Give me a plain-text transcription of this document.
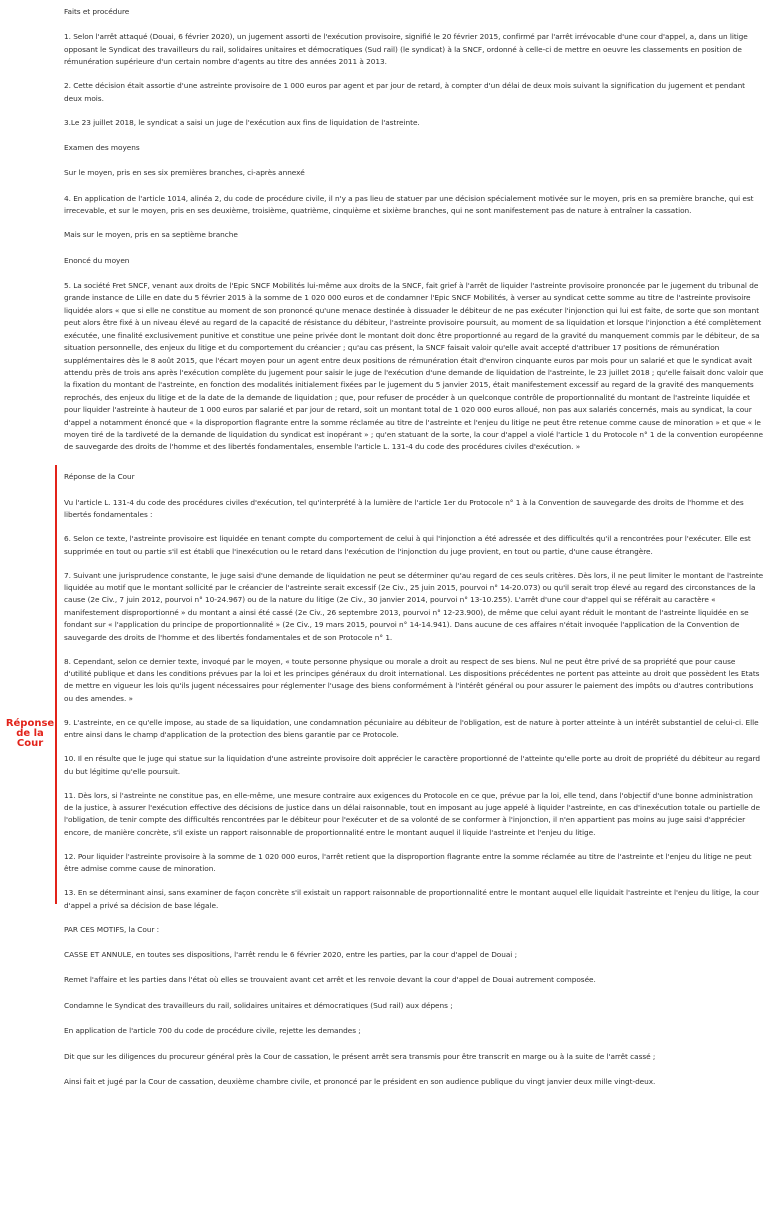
Réponse de la Cour

Faits et procédure

1. Selon l'arrêt attaqué (Douai, 6 février 2020), un jugement assorti de l'exécution provisoire, signifié le 20 février 2015, confirmé par l'arrêt irrévocable d'une cour d'appel, a, dans un litige opposant le Syndicat des travailleurs du rail, solidaires unitaires et démocratiques (Sud rail) (le syndicat) à la SNCF, ordonné à celle-ci de mettre en oeuvre les classements en position de rémunération supérieure d'un certain nombre d'agents au titre des années 2011 à 2013.

2. Cette décision était assortie d'une astreinte provisoire de 1 000 euros par agent et par jour de retard, à compter d'un délai de deux mois suivant la signification du jugement et pendant deux mois.

3.Le 23 juillet 2018, le syndicat a saisi un juge de l'exécution aux fins de liquidation de l'astreinte.

Examen des moyens

Sur le moyen, pris en ses six premières branches, ci-après annexé

4. En application de l'article 1014, alinéa 2, du code de procédure civile, il n'y a pas lieu de statuer par une décision spécialement motivée sur le moyen, pris en sa première branche, qui est irrecevable, et sur le moyen, pris en ses deuxième, troisième, quatrième, cinquième et sixième branches, qui ne sont manifestement pas de nature à entraîner la cassation.

Mais sur le moyen, pris en sa septième branche

Enoncé du moyen

5. La société Fret SNCF, venant aux droits de l'Epic SNCF Mobilités lui-même aux droits de la SNCF, fait grief à l'arrêt de liquider l'astreinte provisoire prononcée par le jugement du tribunal de grande instance de Lille en date du 5 février 2015 à la somme de 1 020 000 euros et de condamner l'Epic SNCF Mobilités, à verser au syndicat cette somme au titre de l'astreinte provisoire liquidée alors « que si elle ne constitue au moment de son prononcé qu'une menace destinée à dissuader le débiteur de ne pas exécuter l'injonction qui lui est faite, de sorte que son montant peut alors être fixé à un niveau élevé au regard de la capacité de résistance du débiteur, l'astreinte provisoire poursuit, au moment de sa liquidation et lorsque l'injonction a été complètement exécutée, une finalité exclusivement punitive et constitue une peine privée dont le montant doit donc être proportionné au regard de la gravité du manquement commis par le débiteur, de sa situation personnelle, des enjeux du litige et du comportement du créancier ; qu'au cas présent, la SNCF faisait valoir qu'elle avait accepté d'attribuer 17 positions de rémunération supplémentaires dès le 8 août 2015, que l'écart moyen pour un agent entre deux positions de rémunération était d'environ cinquante euros par mois pour un salarié et que le syndicat avait attendu près de trois ans après l'exécution complète du jugement pour saisir le juge de l'exécution d'une demande de liquidation de l'astreinte, le 23 juillet 2018 ; qu'elle faisait donc valoir que la fixation du montant de l'astreinte, en fonction des modalités initialement fixées par le jugement du 5 janvier 2015, était manifestement excessif au regard de la gravité des manquements reprochés, des enjeux du litige et de la date de la demande de liquidation ; que, pour refuser de procéder à un quelconque contrôle de proportionnalité du montant de l'astreinte liquidée et pour liquider l'astreinte à hauteur de 1 000 euros par salarié et par jour de retard, soit un montant total de 1 020 000 euros alloué, non pas aux salariés concernés, mais au syndicat, la cour d'appel a notamment énoncé que « la disproportion flagrante entre la somme réclamée au titre de l'astreinte et l'enjeu du litige ne peut être retenue comme cause de minoration » et que « le moyen tiré de la tardiveté de la demande de liquidation du syndicat est inopérant » ; qu'en statuant de la sorte, la cour d'appel a violé l'article 1 du Protocole n° 1 de la convention européenne de sauvegarde des droits de l'homme et des libertés fondamentales, ensemble l'article L. 131-4 du code des procédures civiles d'exécution. »

Réponse de la Cour

Vu l'article L. 131-4 du code des procédures civiles d'exécution, tel qu'interprété à la lumière de l'article 1er du Protocole n° 1 à la Convention de sauvegarde des droits de l'homme et des libertés fondamentales :

6. Selon ce texte, l'astreinte provisoire est liquidée en tenant compte du comportement de celui à qui l'injonction a été adressée et des difficultés qu'il a rencontrées pour l'exécuter. Elle est supprimée en tout ou partie s'il est établi que l'inexécution ou le retard dans l'exécution de l'injonction du juge provient, en tout ou partie, d'une cause étrangère.

7. Suivant une jurisprudence constante, le juge saisi d'une demande de liquidation ne peut se déterminer qu'au regard de ces seuls critères. Dès lors, il ne peut limiter le montant de l'astreinte liquidée au motif que le montant sollicité par le créancier de l'astreinte serait excessif (2e Civ., 25 juin 2015, pourvoi n° 14-20.073) ou qu'il serait trop élevé au regard des circonstances de la cause (2e Civ., 7 juin 2012, pourvoi n° 10-24.967) ou de la nature du litige (2e Civ., 30 janvier 2014, pourvoi n° 13-10.255). L'arrêt d'une cour d'appel qui se référait au caractère « manifestement disproportionné » du montant a ainsi été cassé (2e Civ., 26 septembre 2013, pourvoi n° 12-23.900), de même que celui ayant réduit le montant de l'astreinte liquidée en se fondant sur « l'application du principe de proportionnalité » (2e Civ., 19 mars 2015, pourvoi n° 14-14.941). Dans aucune de ces affaires n'était invoquée l'application de la Convention de sauvegarde des droits de l'homme et des libertés fondamentales et de son Protocole n° 1.

8. Cependant, selon ce dernier texte, invoqué par le moyen, « toute personne physique ou morale a droit au respect de ses biens. Nul ne peut être privé de sa propriété que pour cause d'utilité publique et dans les conditions prévues par la loi et les principes généraux du droit international. Les dispositions précédentes ne portent pas atteinte au droit que possèdent les Etats de mettre en vigueur les lois qu'ils jugent nécessaires pour réglementer l'usage des biens conformément à l'intérêt général ou pour assurer le paiement des impôts ou d'autres contributions ou des amendes. »

9. L'astreinte, en ce qu'elle impose, au stade de sa liquidation, une condamnation pécuniaire au débiteur de l'obligation, est de nature à porter atteinte à un intérêt substantiel de celui-ci. Elle entre ainsi dans le champ d'application de la protection des biens garantie par ce Protocole.

10. Il en résulte que le juge qui statue sur la liquidation d'une astreinte provisoire doit apprécier le caractère proportionné de l'atteinte qu'elle porte au droit de propriété du débiteur au regard du but légitime qu'elle poursuit.

11. Dès lors, si l'astreinte ne constitue pas, en elle-même, une mesure contraire aux exigences du Protocole en ce que, prévue par la loi, elle tend, dans l'objectif d'une bonne administration de la justice, à assurer l'exécution effective des décisions de justice dans un délai raisonnable, tout en imposant au juge appelé à liquider l'astreinte, en cas d'inexécution totale ou partielle de l'obligation, de tenir compte des difficultés rencontrées par le débiteur pour l'exécuter et de sa volonté de se conformer à l'injonction, il n'en appartient pas moins au juge saisi d'apprécier encore, de manière concrète, s'il existe un rapport raisonnable de proportionnalité entre le montant auquel il liquide l'astreinte et l'enjeu du litige.

12. Pour liquider l'astreinte provisoire à la somme de 1 020 000 euros, l'arrêt retient que la disproportion flagrante entre la somme réclamée au titre de l'astreinte et l'enjeu du litige ne peut être admise comme cause de minoration.

13. En se déterminant ainsi, sans examiner de façon concrète s'il existait un rapport raisonnable de proportionnalité entre le montant auquel elle liquidait l'astreinte et l'enjeu du litige, la cour d'appel a privé sa décision de base légale.

PAR CES MOTIFS, la Cour :

CASSE ET ANNULE, en toutes ses dispositions, l'arrêt rendu le 6 février 2020, entre les parties, par la cour d'appel de Douai ;

Remet l'affaire et les parties dans l'état où elles se trouvaient avant cet arrêt et les renvoie devant la cour d'appel de Douai autrement composée.

Condamne le Syndicat des travailleurs du rail, solidaires unitaires et démocratiques (Sud rail) aux dépens ;

En application de l'article 700 du code de procédure civile, rejette les demandes ;

Dit que sur les diligences du procureur général près la Cour de cassation, le présent arrêt sera transmis pour être transcrit en marge ou à la suite de l'arrêt cassé ;

Ainsi fait et jugé par la Cour de cassation, deuxième chambre civile, et prononcé par le président en son audience publique du vingt janvier deux mille vingt-deux.
